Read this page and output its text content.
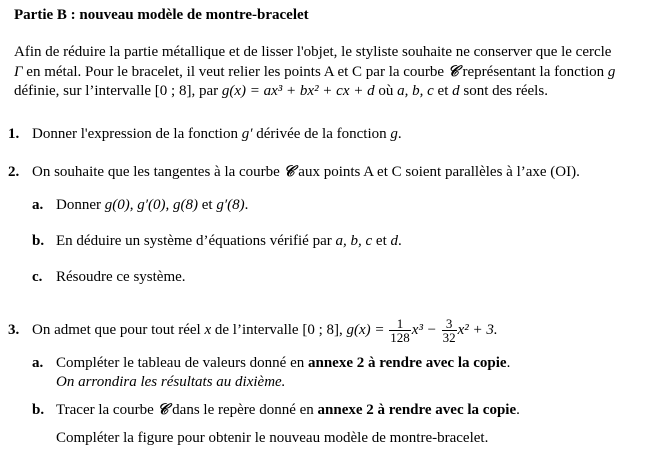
Partie B : nouveau modèle de montre-bracelet
Afin de réduire la partie métallique et de lisser l'objet, le styliste souhaite ne conserver que le cercle
Γ en métal. Pour le bracelet, il veut relier les points A et C par la courbe 𝒞 représentant la fonction g
définie, sur l’intervalle [0 ; 8], par g(x) = ax³ + bx² + cx + d où a, b, c et d sont des réels.
1. Donner l'expression de la fonction g′ dérivée de la fonction g.
2. On souhaite que les tangentes à la courbe 𝒞 aux points A et C soient parallèles à l’axe (OI).
a. Donner g(0), g′(0), g(8) et g′(8).
b. En déduire un système d’équations vérifié par a, b, c et d.
c. Résoudre ce système.
3. On admet que pour tout réel x de l’intervalle [0 ; 8], $g(x) = \frac{1}{128} x^3 - \frac{3}{32} x^2 + 3$.
a. Compléter le tableau de valeurs donné en annexe 2 à rendre avec la copie.
On arrondira les résultats au dixième.
b. Tracer la courbe 𝒞 dans le repère donné en annexe 2 à rendre avec la copie.
Compléter la figure pour obtenir le nouveau modèle de montre-bracelet.
